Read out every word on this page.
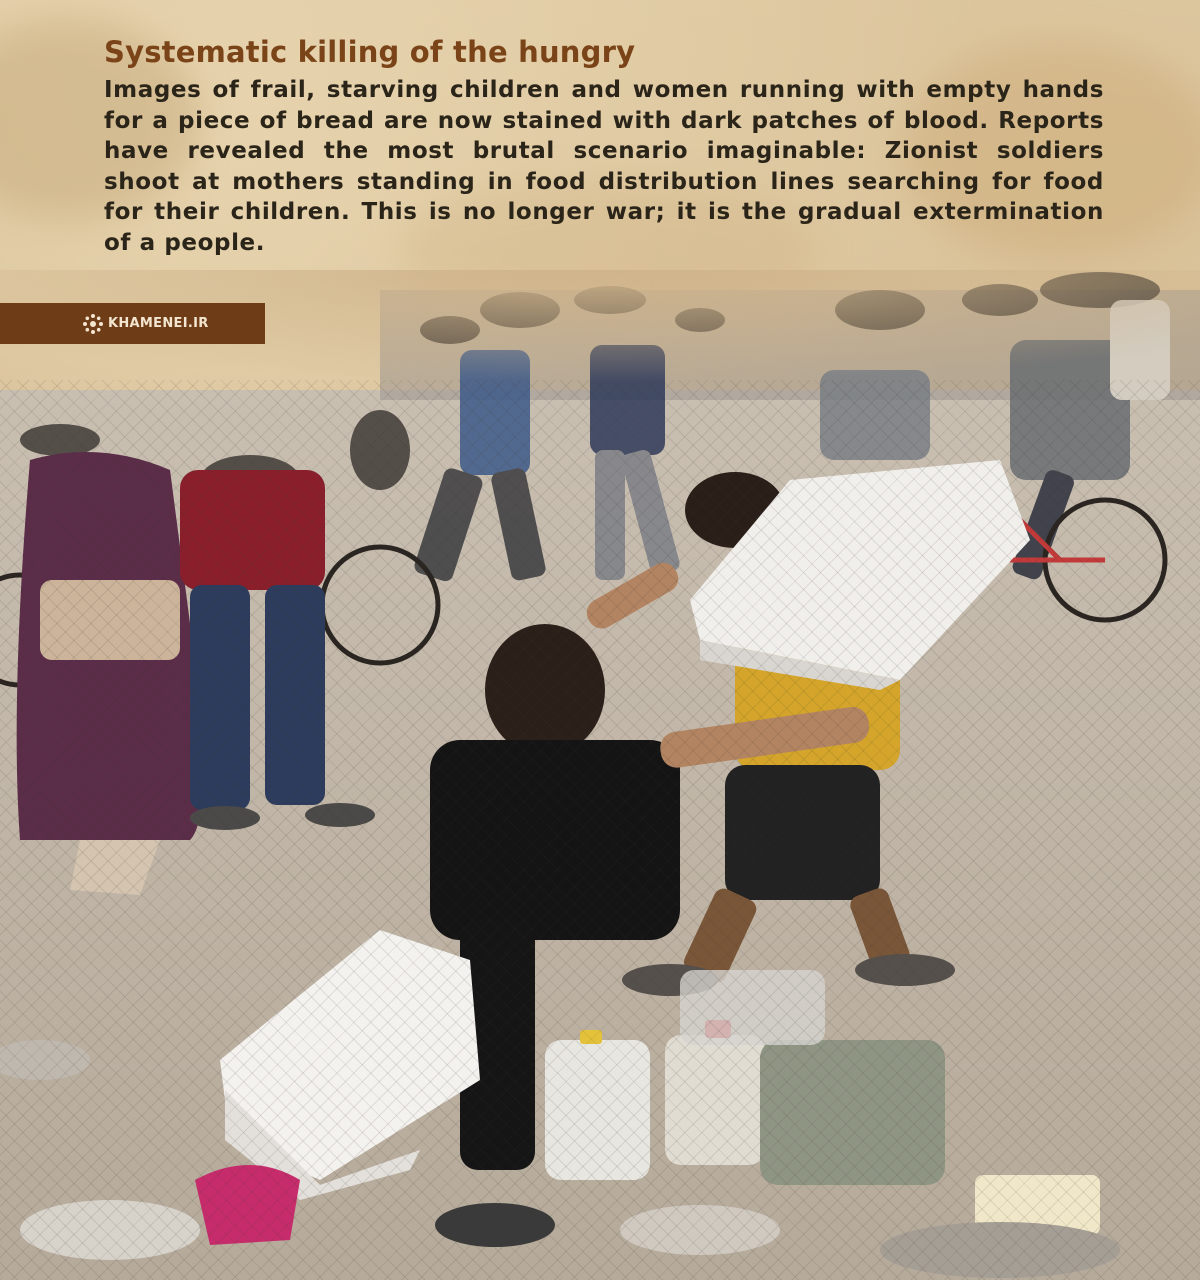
Systematic killing of the hungry

Images of frail, starving children and women running with empty hands for a piece of bread are now stained with dark patches of blood. Reports have revealed the most brutal scenario imaginable: Zionist soldiers shoot at mothers standing in food distribution lines searching for food for their children. This is no longer war; it is the gradual extermination of a people.

KHAMENEI.IR
